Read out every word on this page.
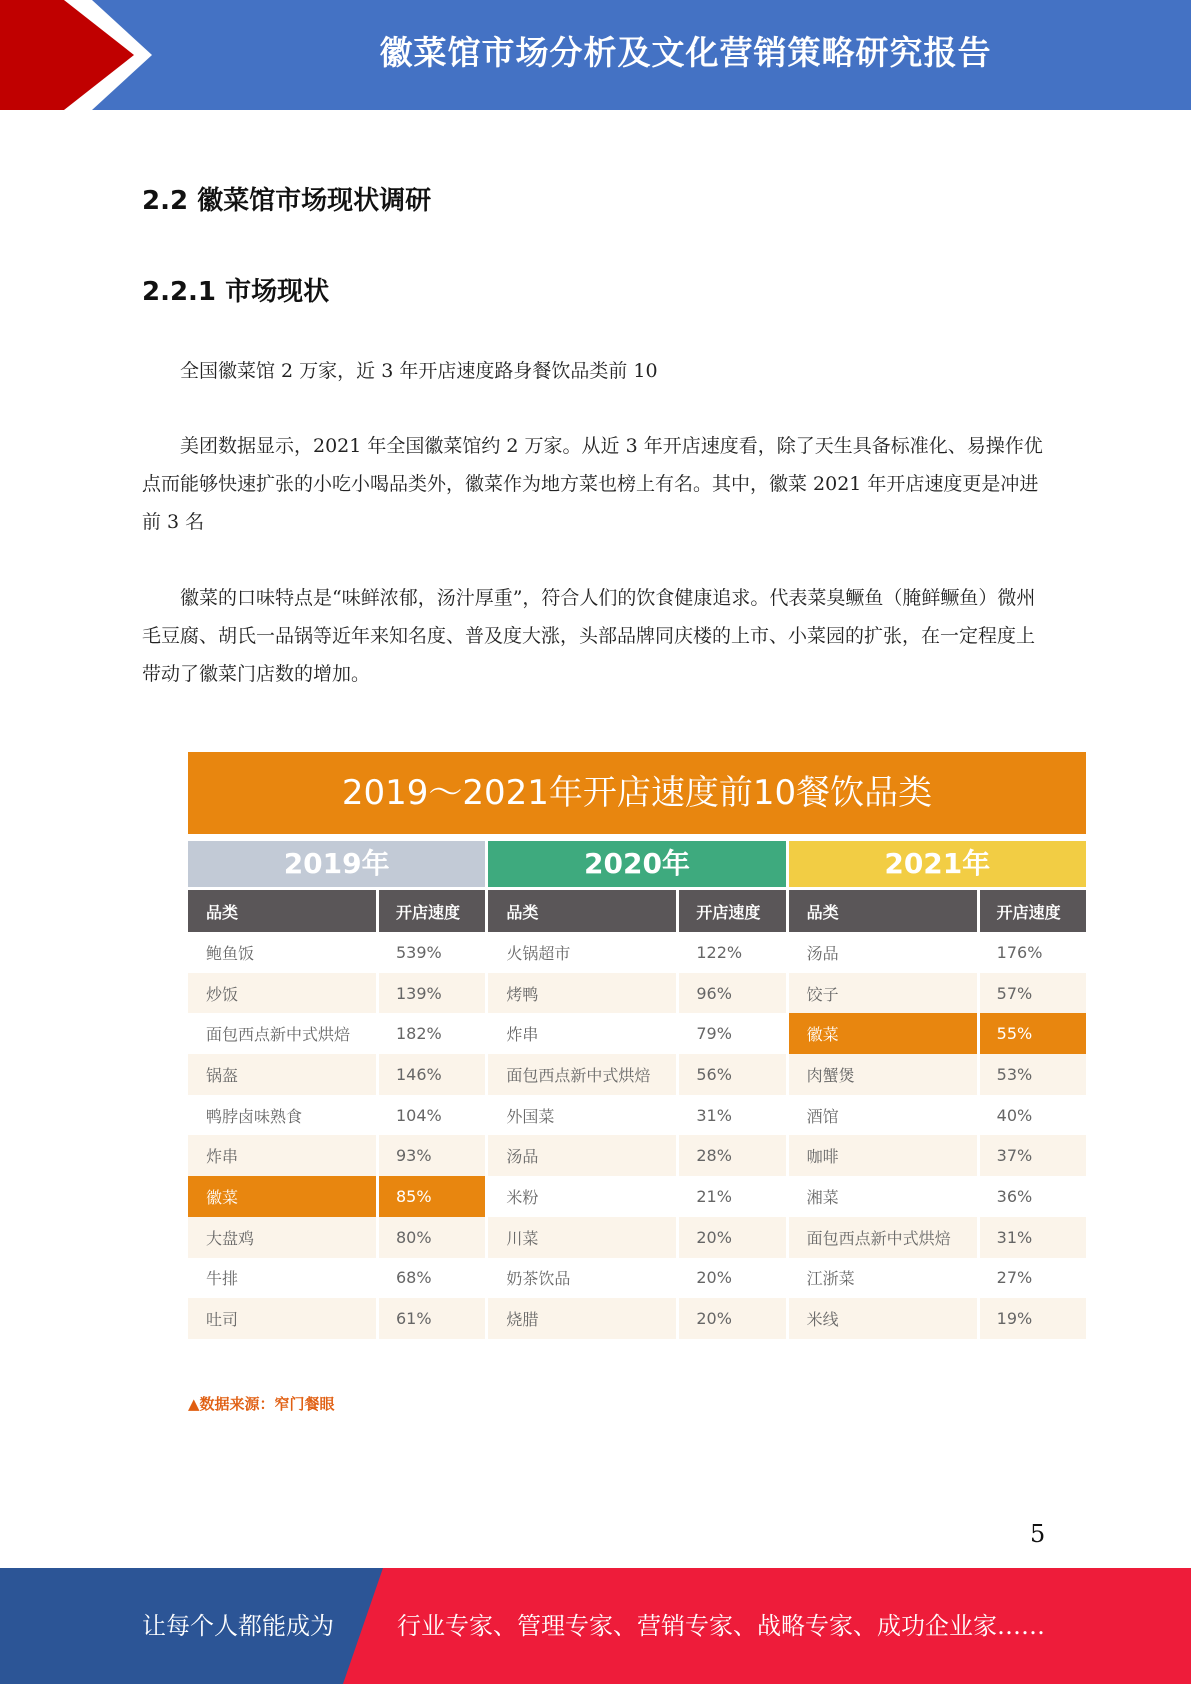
徽菜馆市场分析及文化营销策略研究报告
2.2 徽菜馆市场现状调研
2.2.1 市场现状

全国徽菜馆 2 万家，近 3 年开店速度路身餐饮品类前 10

美团数据显示，2021 年全国徽菜馆约 2 万家。从近 3 年开店速度看，除了天生具备标准化、易操作优点而能够快速扩张的小吃小喝品类外，徽菜作为地方菜也榜上有名。其中，徽菜 2021 年开店速度更是冲进前 3 名

徽菜的口味特点是“味鲜浓郁，汤汁厚重”，符合人们的饮食健康追求。代表菜臭鳜鱼（腌鲜鳜鱼）微州毛豆腐、胡氏一品锅等近年来知名度、普及度大涨，头部品牌同庆楼的上市、小菜园的扩张，在一定程度上带动了徽菜门店数的增加。

2019～2021年开店速度前10餐饮品类
2019年	2020年	2021年
品类	开店速度
鲍鱼饭	539%
炒饭	139%
面包西点新中式烘焙	182%
锅盔	146%
鸭脖卤味熟食	104%
炸串	93%
徽菜	85%
大盘鸡	80%
牛排	68%
吐司	61%
品类	开店速度
火锅超市	122%
烤鸭	96%
炸串	79%
面包西点新中式烘焙	56%
外国菜	31%
汤品	28%
米粉	21%
川菜	20%
奶茶饮品	20%
烧腊	20%
品类	开店速度
汤品	176%
饺子	57%
徽菜	55%
肉蟹煲	53%
酒馆	40%
咖啡	37%
湘菜	36%
面包西点新中式烘焙	31%
江浙菜	27%
米线	19%
▲数据来源：窄门餐眼
5
让每个人都能成为	行业专家、管理专家、营销专家、战略专家、成功企业家……
